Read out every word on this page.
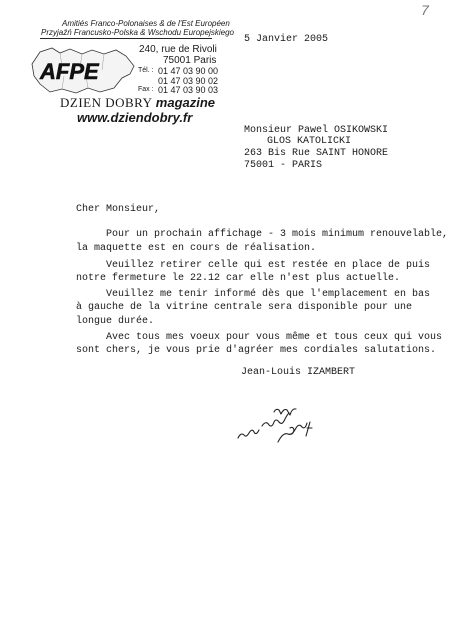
7
Amitiés Franco-Polonaises & de l'Est Européen
Przyjaźń Francusko-Polska & Wschodu Europejskiego
AFPE
240, rue de Rivoli
75001 Paris
Tél. : 01 47 03 90 00
01 47 03 90 02
Fax : 01 47 03 90 03
DZIEN DOBRY magazine
www.dziendobry.fr
5 Janvier 2005
Monsieur Pawel OSIKOWSKI
GLOS KATOLICKI
263 Bis Rue SAINT HONORE
75001 - PARIS
Cher Monsieur,
Pour un prochain affichage - 3 mois minimum renouvelable,
la maquette est en cours de réalisation.
Veuillez retirer celle qui est restée en place de puis
notre fermeture le 22.12 car elle n'est plus actuelle.
Veuillez me tenir informé dès que l'emplacement en bas
à gauche de la vitrine centrale sera disponible pour une
longue durée.
Avec tous mes voeux pour vous même et tous ceux qui vous
sont chers, je vous prie d'agréer mes cordiales salutations.
Jean-Louis IZAMBERT
